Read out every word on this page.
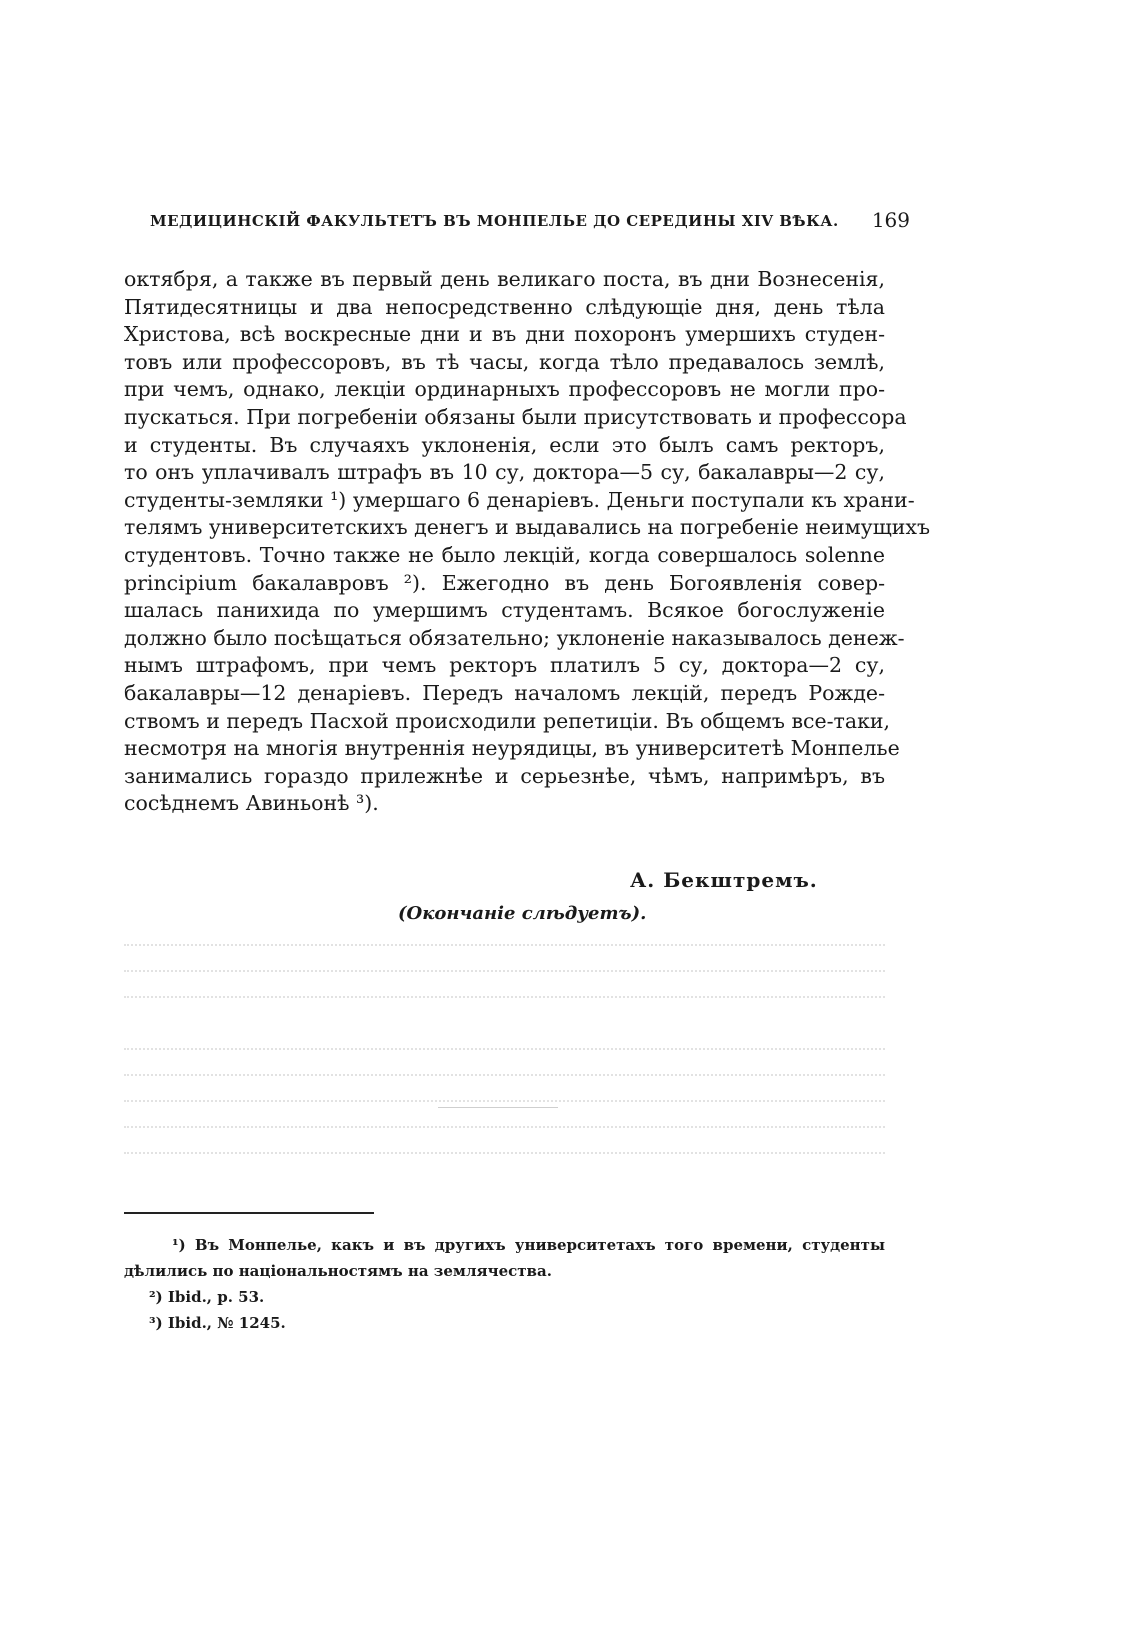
МЕДИЦИНСКІЙ ФАКУЛЬТЕТЪ ВЪ МОНПЕЛЬЕ ДО СЕРЕДИНЫ XIV ВѢКА. 169
октября, а также въ первый день великаго поста, въ дни Вознесенія,
Пятидесятницы и два непосредственно слѣдующіе дня, день тѣла
Христова, всѣ воскресные дни и въ дни похоронъ умершихъ студен-
товъ или профессоровъ, въ тѣ часы, когда тѣло предавалось землѣ,
при чемъ, однако, лекціи ординарныхъ профессоровъ не могли про-
пускаться. При погребеніи обязаны были присутствовать и профессора
и студенты. Въ случаяхъ уклоненія, если это былъ самъ ректоръ,
то онъ уплачивалъ штрафъ въ 10 су, доктора—5 су, бакалавры—2 су,
студенты-земляки ¹) умершаго 6 денаріевъ. Деньги поступали къ храни-
телямъ университетскихъ денегъ и выдавались на погребеніе неимущихъ
студентовъ. Точно также не было лекцій, когда совершалось solenne
principium бакалавровъ ²). Ежегодно въ день Богоявленія совер-
шалась панихида по умершимъ студентамъ. Всякое богослуженіе
должно было посѣщаться обязательно; уклоненіе наказывалось денеж-
нымъ штрафомъ, при чемъ ректоръ платилъ 5 су, доктора—2 су,
бакалавры—12 денаріевъ. Передъ началомъ лекцій, передъ Рожде-
ствомъ и передъ Пасхой происходили репетиціи. Въ общемъ все-таки,
несмотря на многія внутреннія неурядицы, въ университетѣ Монпелье
занимались гораздо прилежнѣе и серьезнѣе, чѣмъ, напримѣръ, въ
сосѣднемъ Авиньонѣ ³).
А. Бекштремъ.
(Окончаніе слѣдуетъ).
¹) Въ Монпелье, какъ и въ другихъ университетахъ того времени, студенты
дѣлились по національностямъ на землячества.
²) Ibid., p. 53.
³) Ibid., № 1245.
